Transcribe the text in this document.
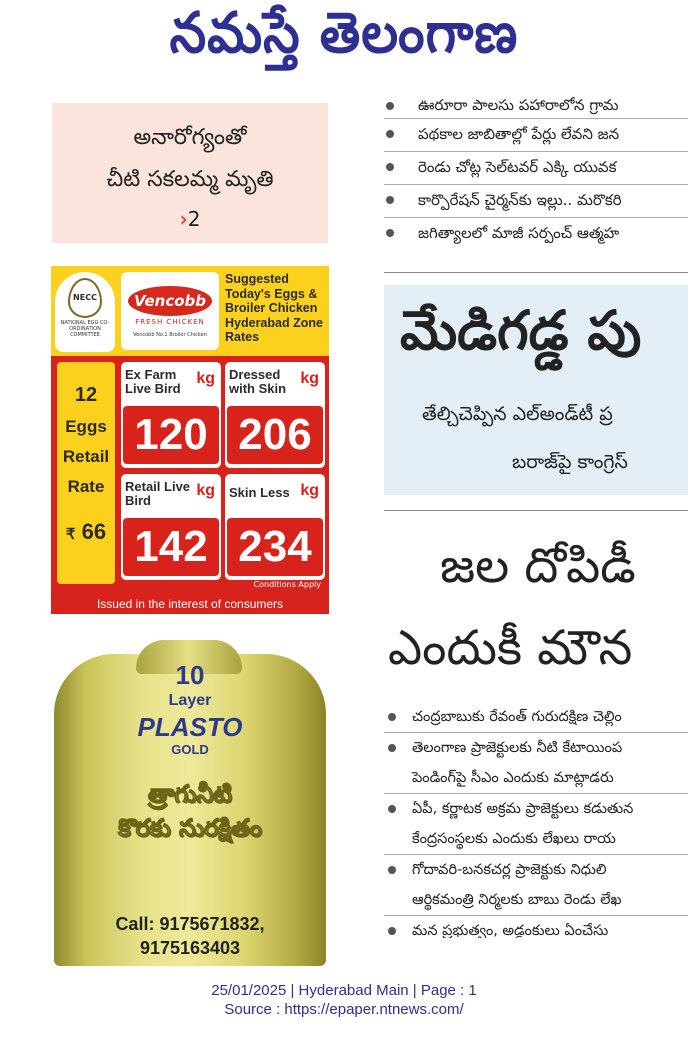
నమస్తే తెలంగాణ
అనారోగ్యంతో
చీటి సకలమ్మ మృతి
›2
NECC
NATIONAL EGG CO-ORDINATION COMMITTEE
Vencobb
FRESH CHICKEN
Vencobb No.1 Broiler Chicken
Suggested Today's Eggs & Broiler Chicken Hyderabad Zone Rates
12
Eggs
Retail
Rate
₹ 66
Ex Farm Live Bird
kg
120
Dressed with Skin
kg
206
Retail Live Bird
kg
142
Skin Less kg
234
Conditions Apply
Issued in the interest of consumers
10
Layer
PLASTO
GOLD
త్రాగునీటి
కొరకు సురక్షితం
Call: 9175671832,
9175163403
ఊరూరా పాలసు పహారాలోన గ్రామ
పథకాల జాబితాల్లో పేర్లు లేవని జన
రెండు చోట్ల సెల్‌టవర్ ఎక్కి యువక
కార్పొరేషన్ చైర్మన్‌కు ఇల్లు.. మరొకరి
జగిత్యాలలో మాజీ సర్పంచ్ ఆత్మహ
మేడిగడ్డ పు
తేల్చిచెప్పిన ఎల్‌అండ్‌టీ ప్ర
బరాజ్‌పై కాంగ్రెస్
జల దోపిడీ
ఎందుకీ మౌన
చంద్రబాబుకు రేవంత్ గురుదక్షిణ చెల్లిం
తెలంగాణ ప్రాజెక్టులకు నీటి కేటాయింప
పెండింగ్‌పై సీఎం ఎందుకు మాట్లాడరు
ఏపీ, కర్ణాటక అక్రమ ప్రాజెక్టులు కడుతున
కేంద్రసంస్థలకు ఎందుకు లేఖలు రాయ
గోదావరి-బనకచర్ల ప్రాజెక్టుకు నిధులి
ఆర్థికమంత్రి నిర్మలకు బాబు రెండు లేఖ
మన ప్రభుత్వం, అడ్డంకులు ఏంచేసు
25/01/2025 | Hyderabad Main | Page : 1
Source : https://epaper.ntnews.com/
